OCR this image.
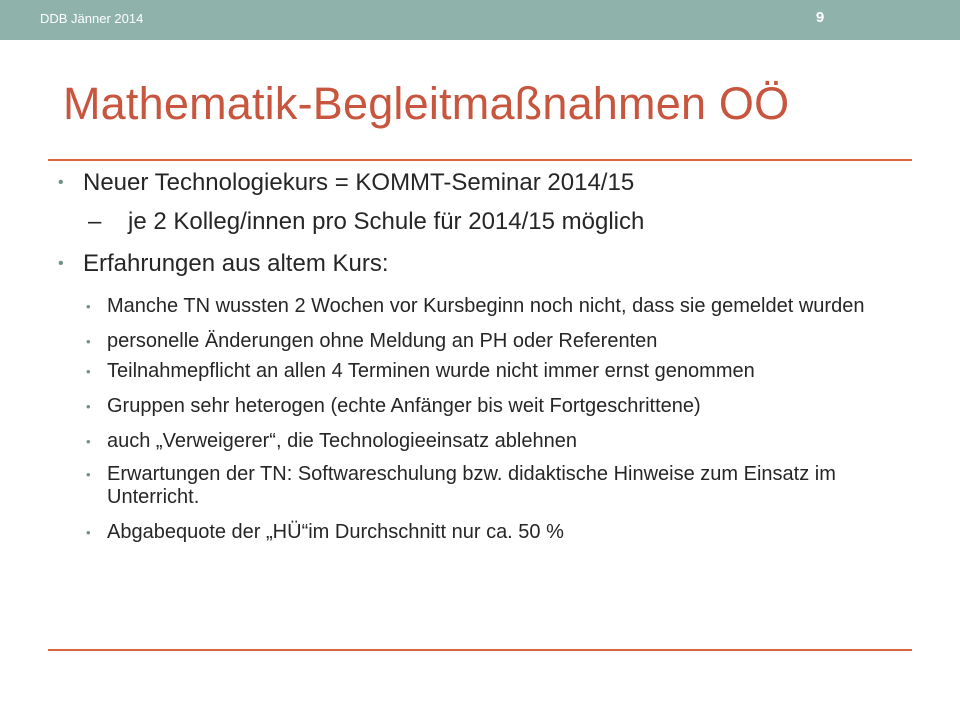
DDB Jänner 2014	9
Mathematik-Begleitmaßnahmen OÖ

• Neuer Technologiekurs = KOMMT-Seminar 2014/15

– je 2 Kolleg/innen pro Schule für 2014/15 möglich

• Erfahrungen aus altem Kurs:

• Manche TN wussten 2 Wochen vor Kursbeginn noch nicht, dass sie gemeldet wurden

• personelle Änderungen ohne Meldung an PH oder Referenten

• Teilnahmepflicht an allen 4 Terminen wurde nicht immer ernst genommen

• Gruppen sehr heterogen (echte Anfänger bis weit Fortgeschrittene)

• auch „Verweigerer“, die Technologieeinsatz ablehnen

• Erwartungen der TN: Softwareschulung bzw. didaktische Hinweise zum Einsatz im Unterricht.

• Abgabequote der „HÜ“im Durchschnitt nur ca. 50 %
